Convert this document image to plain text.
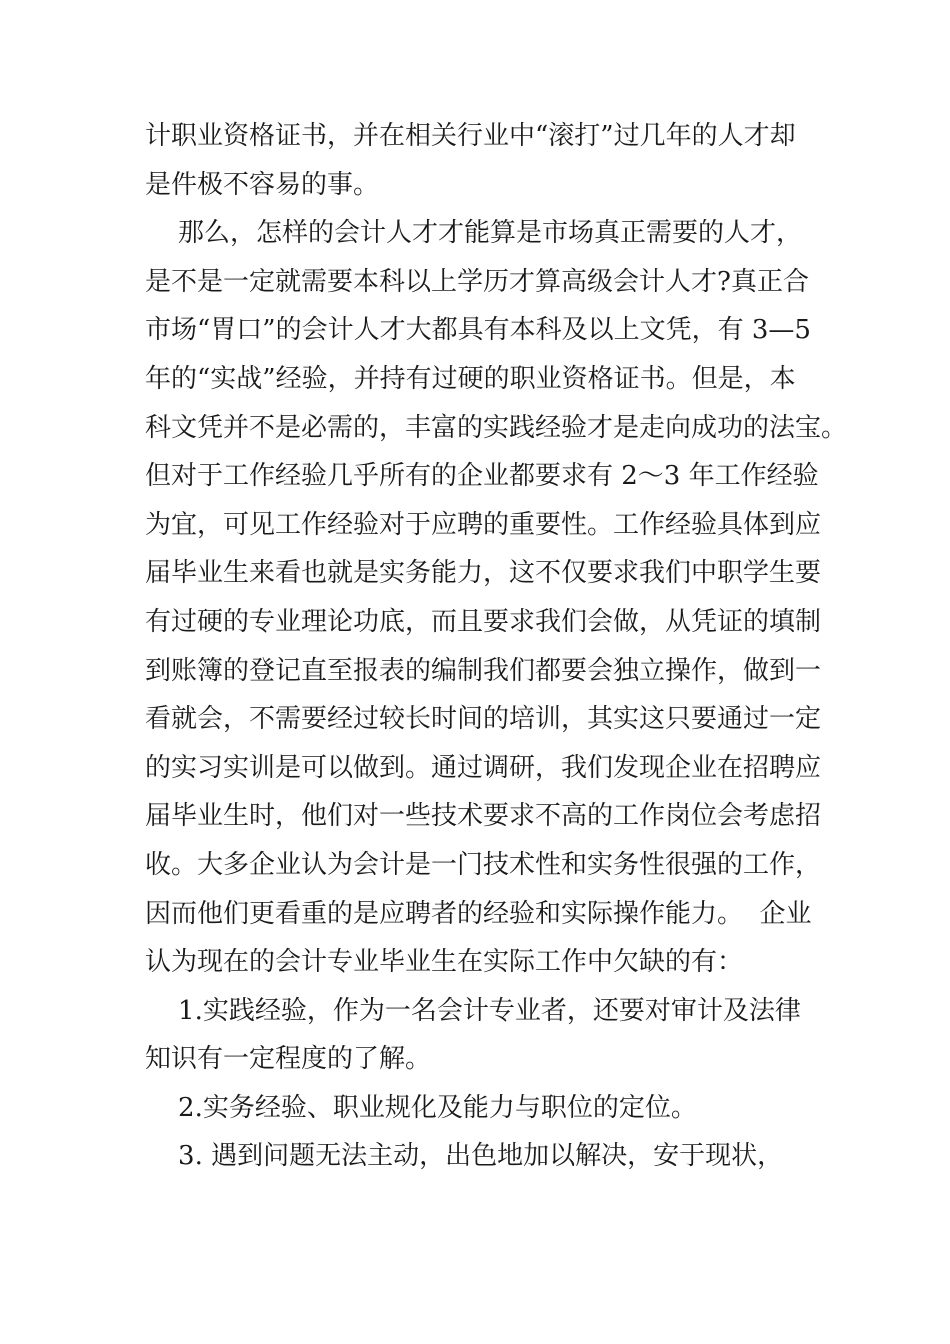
计职业资格证书，并在相关行业中“滚打”过几年的人才却
是件极不容易的事。
那么，怎样的会计人才才能算是市场真正需要的人才，
是不是一定就需要本科以上学历才算高级会计人才?真正合
市场“胃口”的会计人才大都具有本科及以上文凭，有 3—5
年的“实战”经验，并持有过硬的职业资格证书。但是，本
科文凭并不是必需的，丰富的实践经验才是走向成功的法宝。
但对于工作经验几乎所有的企业都要求有 2～3 年工作经验
为宜，可见工作经验对于应聘的重要性。工作经验具体到应
届毕业生来看也就是实务能力，这不仅要求我们中职学生要
有过硬的专业理论功底，而且要求我们会做，从凭证的填制
到账簿的登记直至报表的编制我们都要会独立操作，做到一
看就会，不需要经过较长时间的培训，其实这只要通过一定
的实习实训是可以做到。通过调研，我们发现企业在招聘应
届毕业生时，他们对一些技术要求不高的工作岗位会考虑招
收。大多企业认为会计是一门技术性和实务性很强的工作，
因而他们更看重的是应聘者的经验和实际操作能力。  企业
认为现在的会计专业毕业生在实际工作中欠缺的有：
1.实践经验，作为一名会计专业者，还要对审计及法律
知识有一定程度的了解。
2.实务经验、职业规化及能力与职位的定位。
3. 遇到问题无法主动，出色地加以解决，安于现状，
